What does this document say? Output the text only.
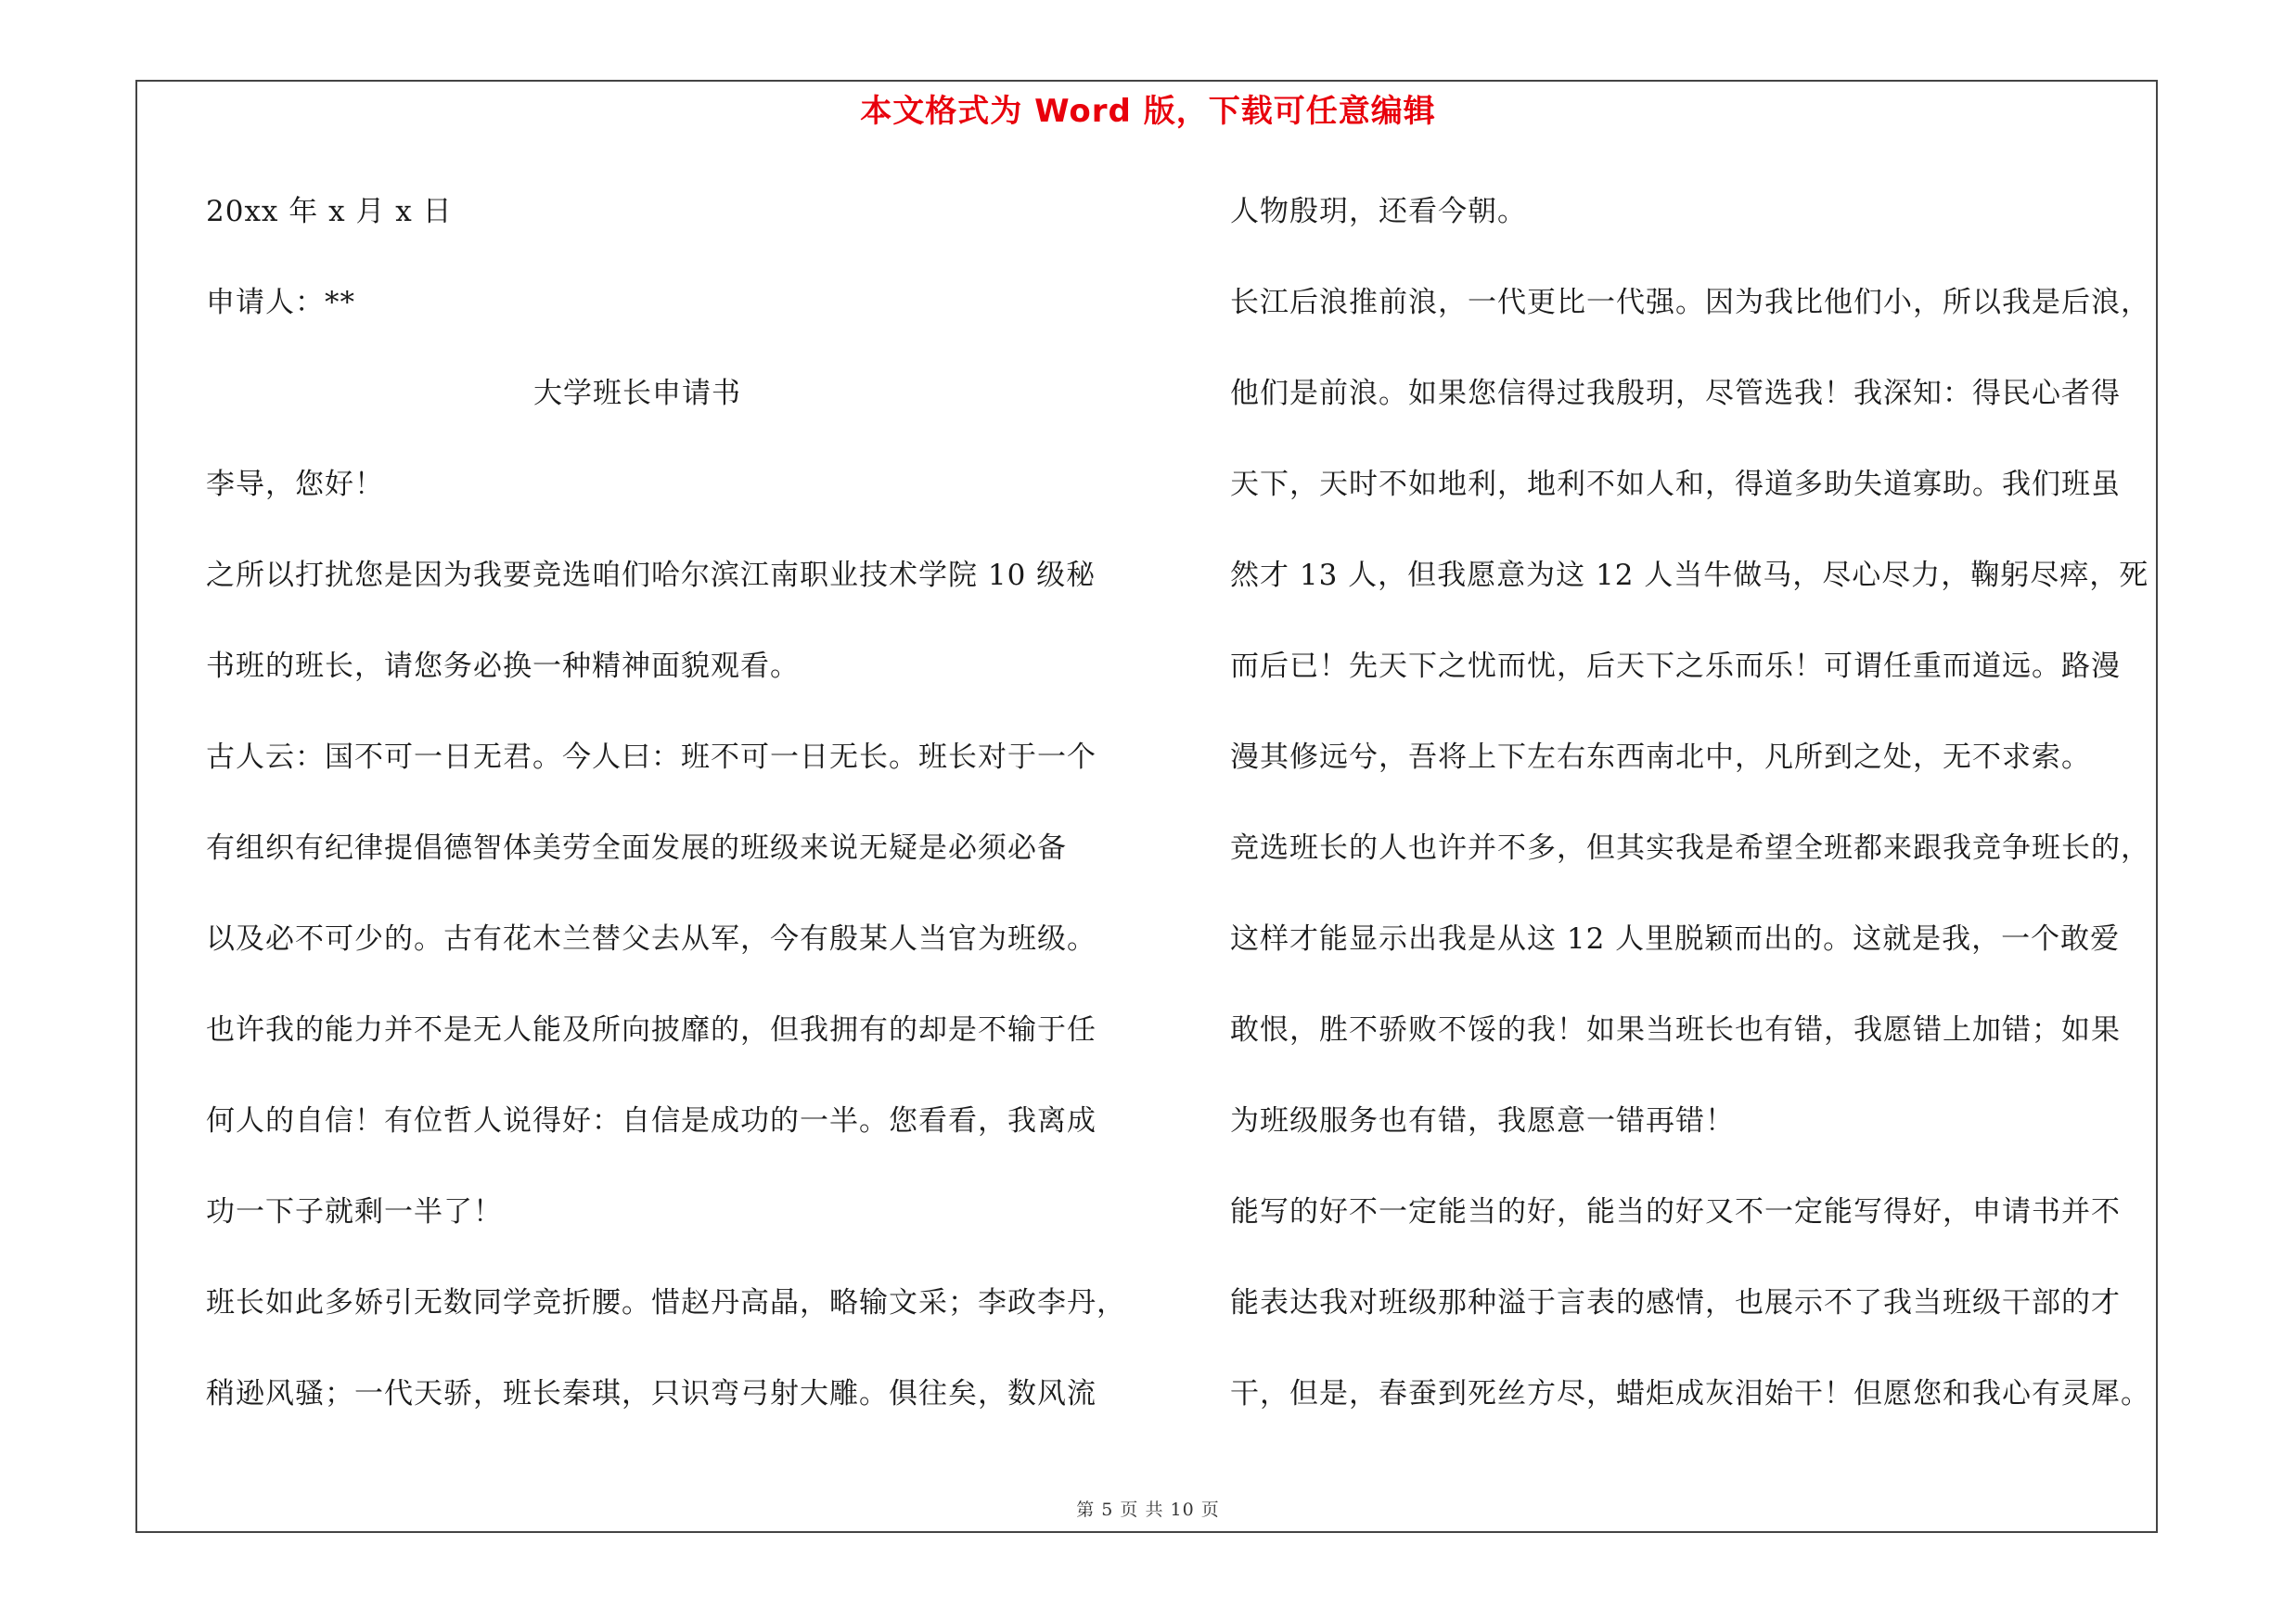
本文格式为 Word 版，下载可任意编辑
20xx 年 x 月 x 日
申请人：**
大学班长申请书
李导，您好！
之所以打扰您是因为我要竞选咱们哈尔滨江南职业技术学院 10 级秘
书班的班长，请您务必换一种精神面貌观看。
古人云：国不可一日无君。今人曰：班不可一日无长。班长对于一个
有组织有纪律提倡德智体美劳全面发展的班级来说无疑是必须必备
以及必不可少的。古有花木兰替父去从军，今有殷某人当官为班级。
也许我的能力并不是无人能及所向披靡的，但我拥有的却是不输于任
何人的自信！有位哲人说得好：自信是成功的一半。您看看，我离成
功一下子就剩一半了！
班长如此多娇引无数同学竞折腰。惜赵丹高晶，略输文采；李政李丹，
稍逊风骚；一代天骄，班长秦琪，只识弯弓射大雕。俱往矣，数风流
人物殷玥，还看今朝。
长江后浪推前浪，一代更比一代强。因为我比他们小，所以我是后浪，
他们是前浪。如果您信得过我殷玥，尽管选我！我深知：得民心者得
天下，天时不如地利，地利不如人和，得道多助失道寡助。我们班虽
然才 13 人，但我愿意为这 12 人当牛做马，尽心尽力，鞠躬尽瘁，死
而后已！先天下之忧而忧，后天下之乐而乐！可谓任重而道远。路漫
漫其修远兮，吾将上下左右东西南北中，凡所到之处，无不求索。
竞选班长的人也许并不多，但其实我是希望全班都来跟我竞争班长的，
这样才能显示出我是从这 12 人里脱颖而出的。这就是我，一个敢爱
敢恨，胜不骄败不馁的我！如果当班长也有错，我愿错上加错；如果
为班级服务也有错，我愿意一错再错！
能写的好不一定能当的好，能当的好又不一定能写得好，申请书并不
能表达我对班级那种溢于言表的感情，也展示不了我当班级干部的才
干，但是，春蚕到死丝方尽，蜡炬成灰泪始干！但愿您和我心有灵犀。
第 5 页 共 10 页
